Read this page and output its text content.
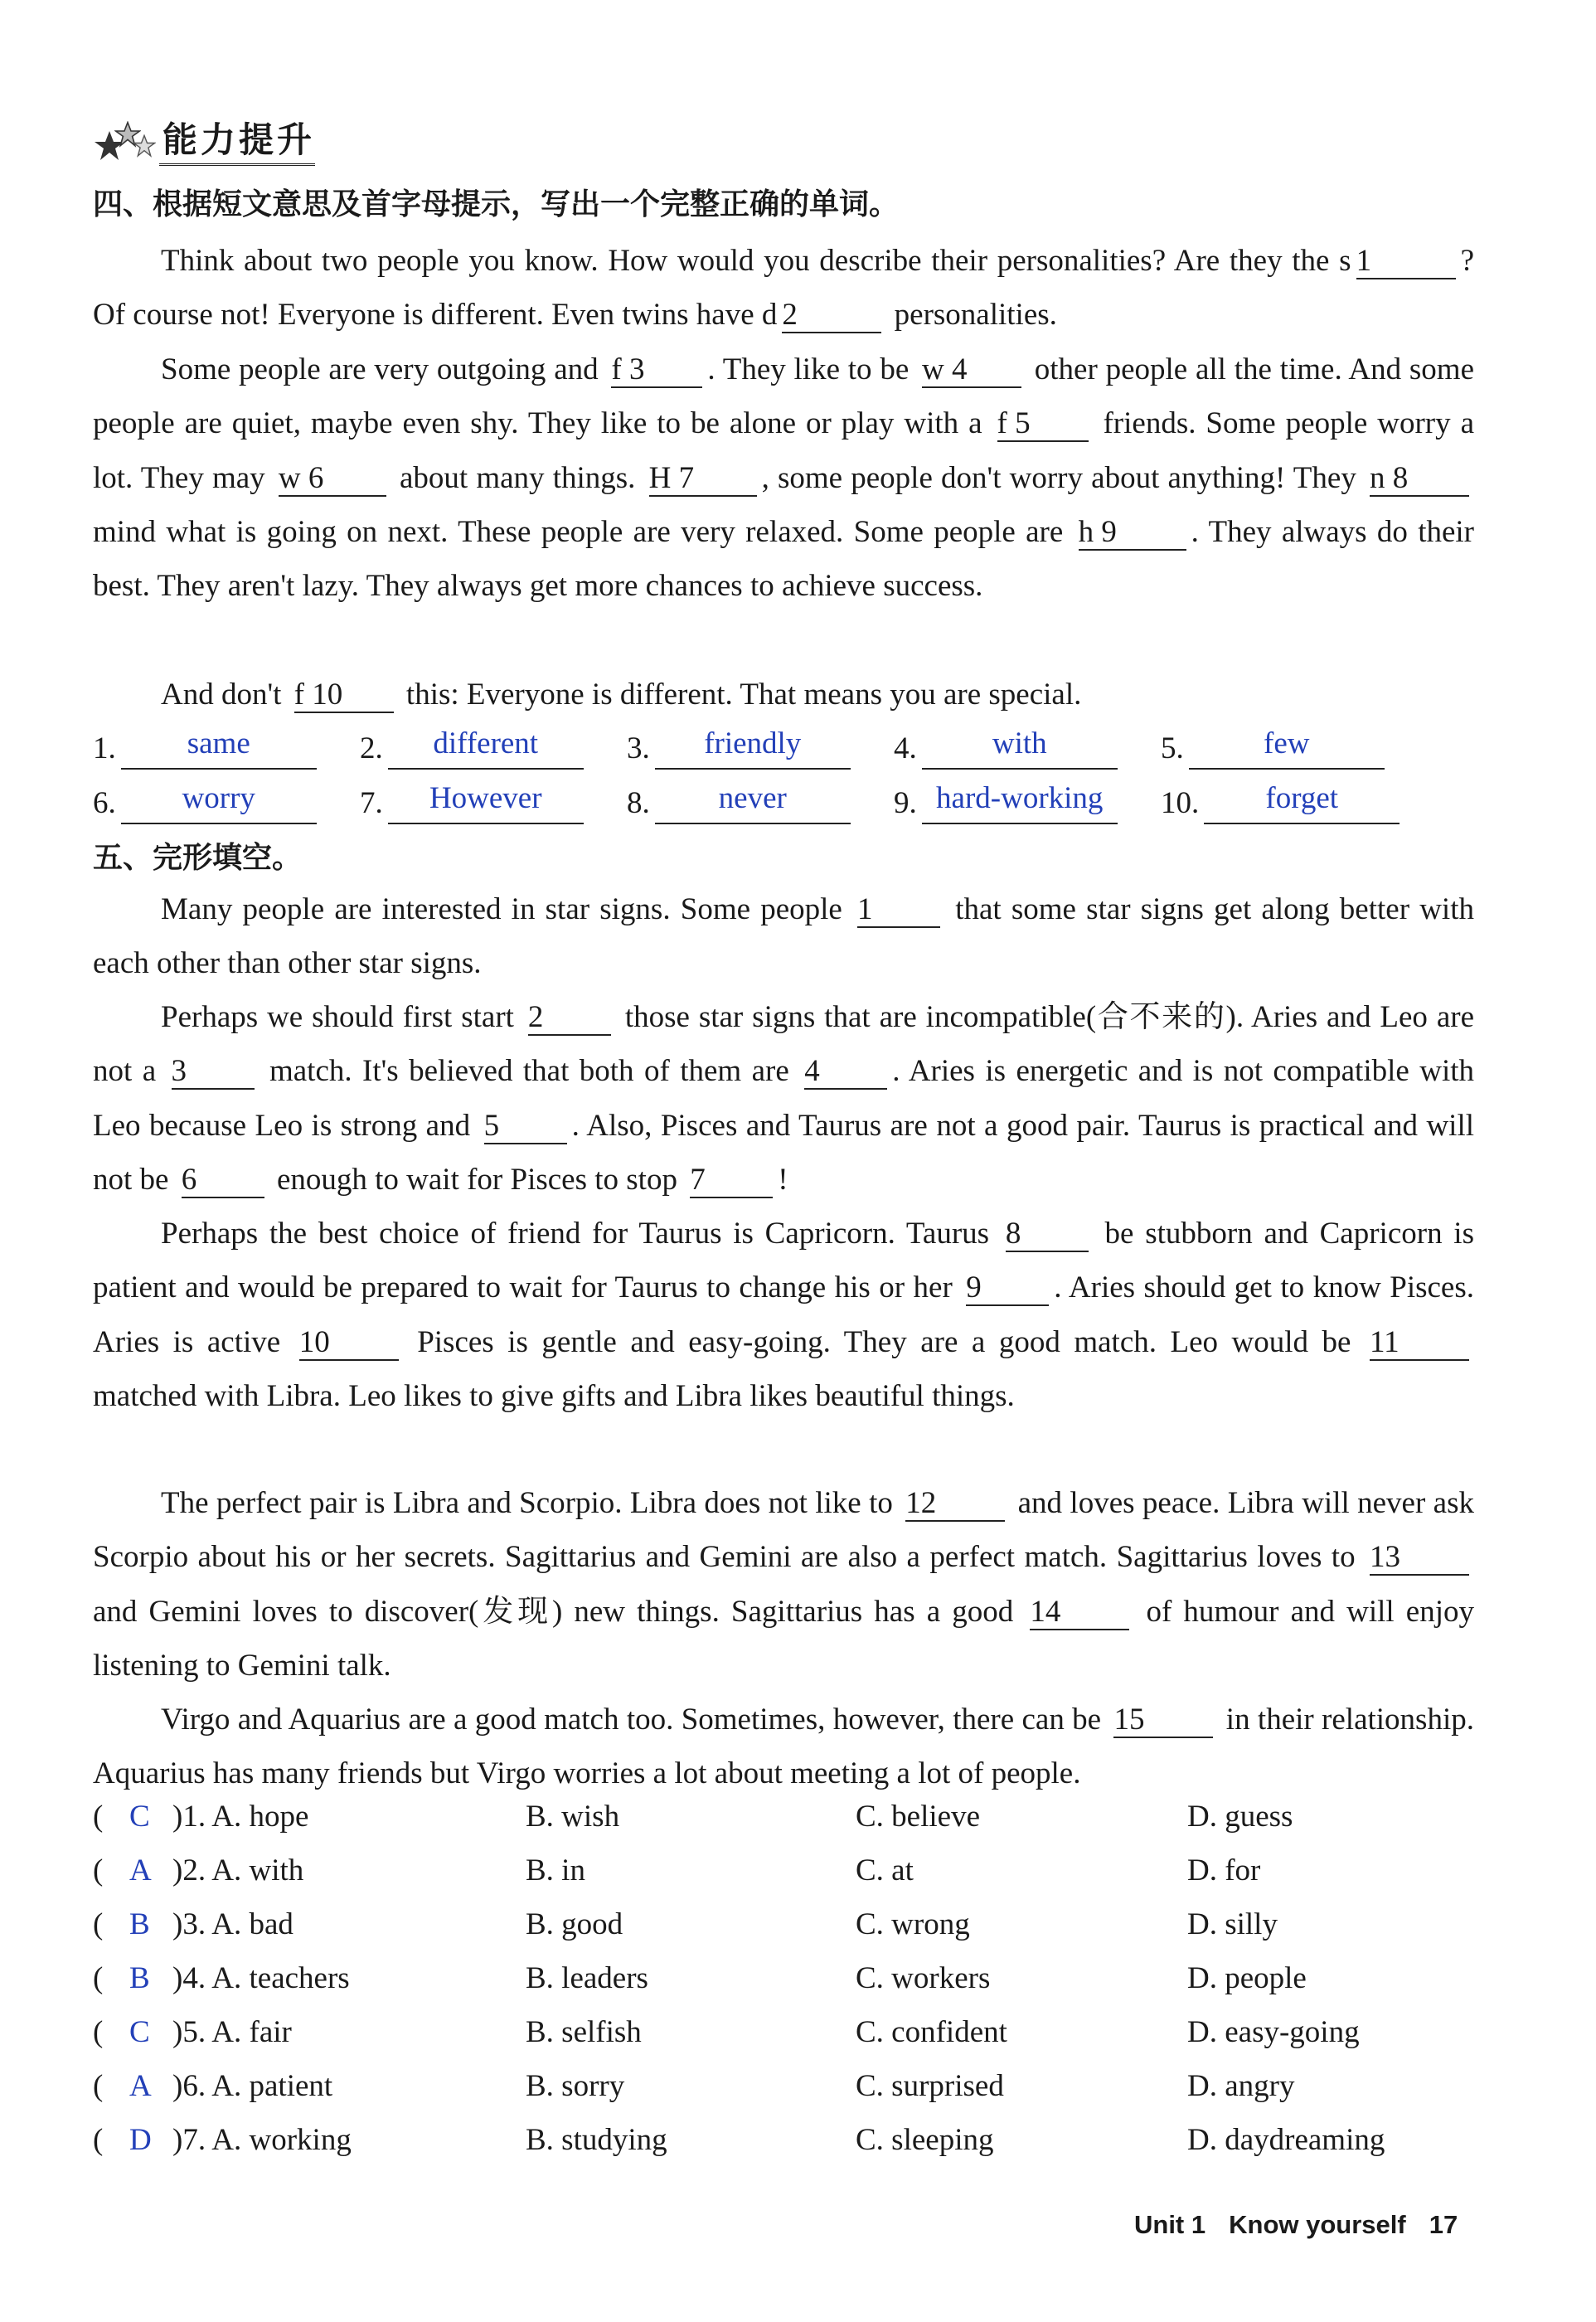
能力提升
四、根据短文意思及首字母提示，写出一个完整正确的单词。
Think about two people you know. How would you describe their personalities? Are they the s 1	? Of course not! Everyone is different. Even twins have d 2	personalities.
Some people are very outgoing and f 3 . They like to be w 4 other people all the time. And some people are quiet, maybe even shy. They like to be alone or play with a f 5 friends. Some people worry a lot. They may w 6 about many things. H 7 , some people don't worry about anything! They n 8 mind what is going on next. These people are very relaxed. Some people are h 9 . They always do their best. They aren't lazy. They always get more chances to achieve success.
And don't f 10 this: Everyone is different. That means you are special.
1.	same	2.	different	3.	friendly	4.	with	5.	few
6.	worry	7.	However	8.	never	9. hard-working	10.	forget
五、完形填空。
Many people are interested in star signs. Some people 1 that some star signs get along better with each other than other star signs.
Perhaps we should first start 2 those star signs that are incompatible(合不来的). Aries and Leo are not a 3 match. It's believed that both of them are 4 . Aries is energetic and is not compatible with Leo because Leo is strong and 5 . Also, Pisces and Taurus are not a good pair. Taurus is practical and will not be 6 enough to wait for Pisces to stop 7 !
Perhaps the best choice of friend for Taurus is Capricorn. Taurus 8 be stubborn and Capricorn is patient and would be prepared to wait for Taurus to change his or her 9 . Aries should get to know Pisces. Aries is active 10 Pisces is gentle and easy-going. They are a good match. Leo would be 11 matched with Libra. Leo likes to give gifts and Libra likes beautiful things.
The perfect pair is Libra and Scorpio. Libra does not like to 12 and loves peace. Libra will never ask Scorpio about his or her secrets. Sagittarius and Gemini are also a perfect match. Sagittarius loves to 13 and Gemini loves to discover(发现) new things. Sagittarius has a good 14 of humour and will enjoy listening to Gemini talk.
Virgo and Aquarius are a good match too. Sometimes, however, there can be 15 in their relationship. Aquarius has many friends but Virgo worries a lot about meeting a lot of people.
( C )1. A. hope	B. wish	C. believe	D. guess
( A )2. A. with	B. in	C. at	D. for
( B )3. A. bad	B. good	C. wrong	D. silly
( B )4. A. teachers	B. leaders	C. workers	D. people
( C )5. A. fair	B. selfish	C. confident	D. easy-going
( A )6. A. patient	B. sorry	C. surprised	D. angry
( D )7. A. working	B. studying	C. sleeping	D. daydreaming
Unit 1 Know yourself 17
